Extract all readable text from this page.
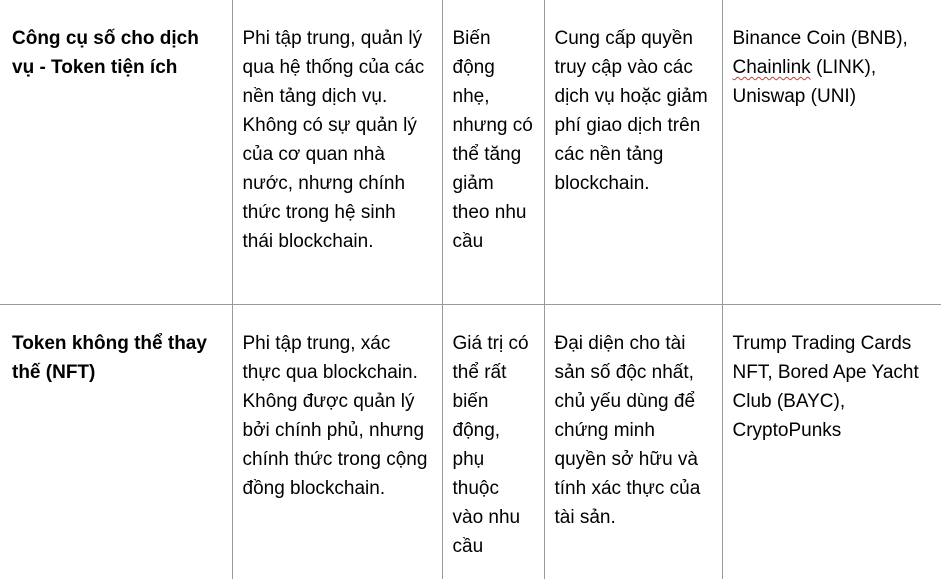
Công cụ số cho dịch vụ - Token tiện ích	Phi tập trung, quản lý qua hệ thống của các nền tảng dịch vụ. Không có sự quản lý của cơ quan nhà nước, nhưng chính thức trong hệ sinh thái blockchain.	Biến động nhẹ, nhưng có thể tăng giảm theo nhu cầu	Cung cấp quyền truy cập vào các dịch vụ hoặc giảm phí giao dịch trên các nền tảng blockchain.	Binance Coin (BNB), Chainlink (LINK), Uniswap (UNI)
Token không thể thay thế (NFT)	Phi tập trung, xác thực qua blockchain. Không được quản lý bởi chính phủ, nhưng chính thức trong cộng đồng blockchain.	Giá trị có thể rất biến động, phụ thuộc vào nhu cầu	Đại diện cho tài sản số độc nhất, chủ yếu dùng để chứng minh quyền sở hữu và tính xác thực của tài sản.	Trump Trading Cards NFT, Bored Ape Yacht Club (BAYC), CryptoPunks
